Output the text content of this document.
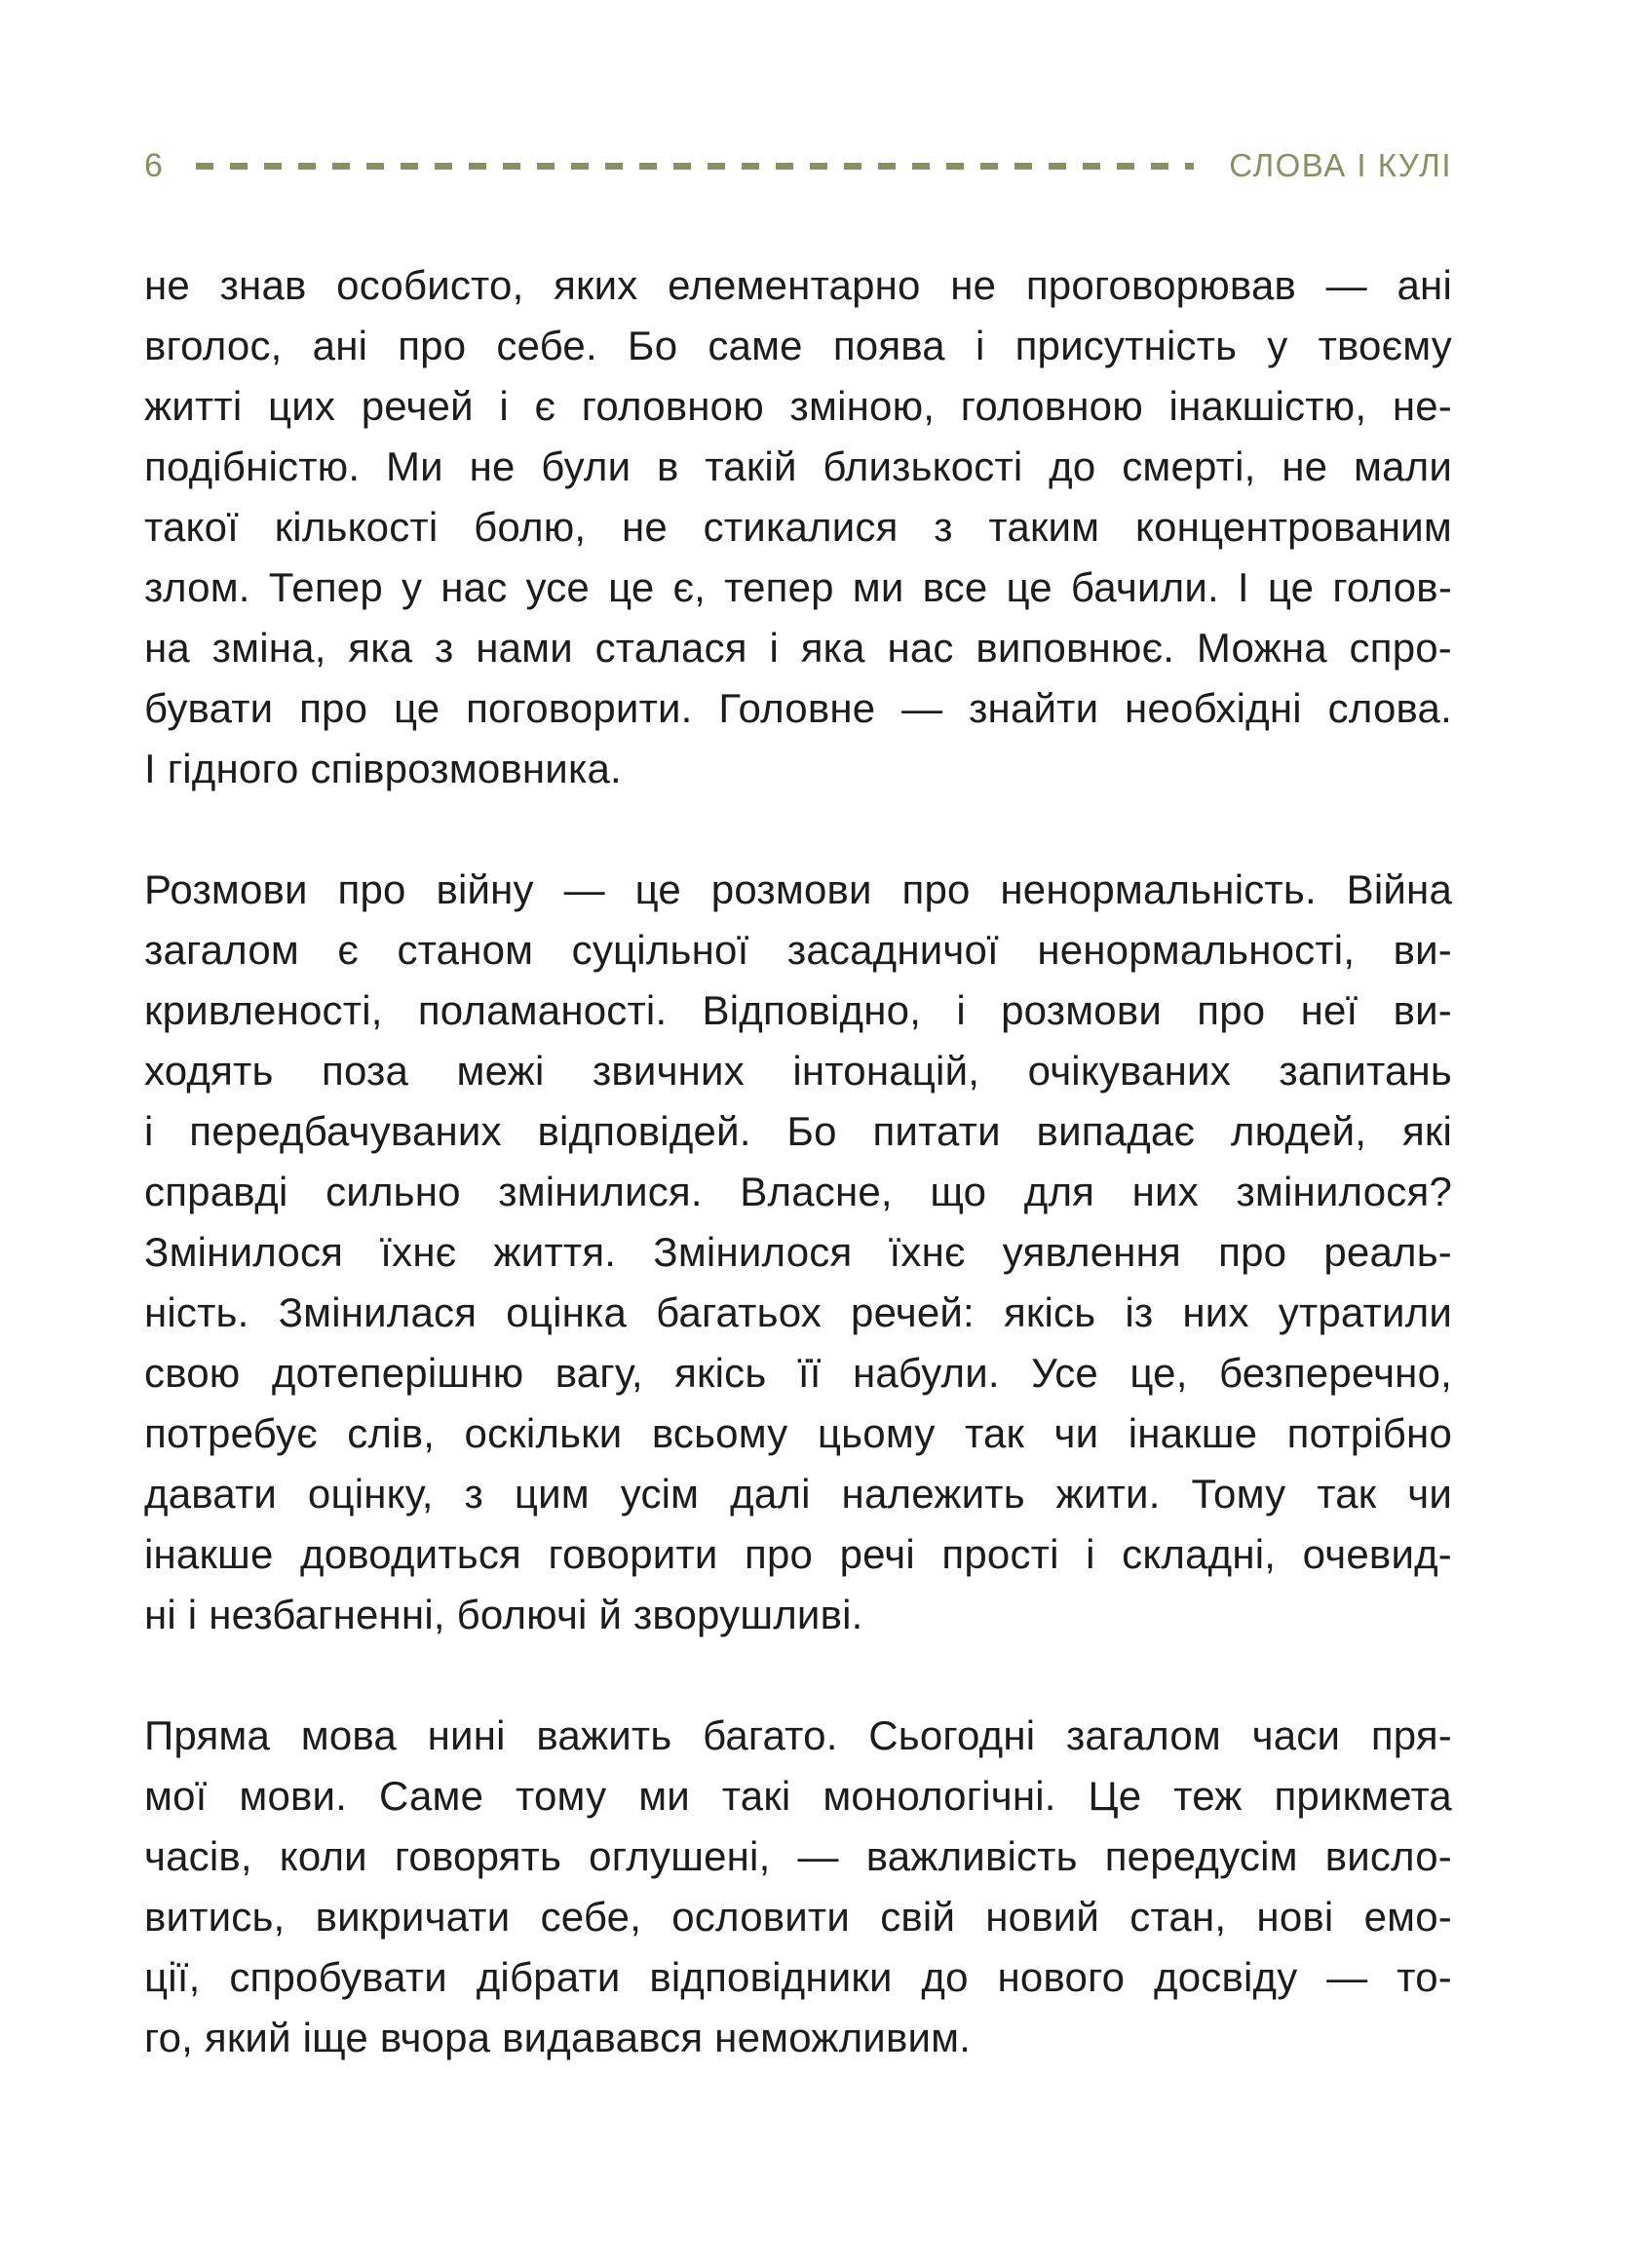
6	СЛОВА І КУЛІ
не знав особисто, яких елементарно не проговорював — ані
вголос, ані про себе. Бо саме поява і присутність у твоєму
житті цих речей і є головною зміною, головною інакшістю, не-
подібністю. Ми не були в такій близькості до смерті, не мали
такої кількості болю, не стикалися з таким концентрованим
злом. Тепер у нас усе це є, тепер ми все це бачили. І це голов-
на зміна, яка з нами сталася і яка нас виповнює. Можна спро-
бувати про це поговорити. Головне — знайти необхідні слова.
І гідного співрозмовника.
Розмови про війну — це розмови про ненормальність. Війна
загалом є станом суцільної засадничої ненормальності, ви-
кривленості, поламаності. Відповідно, і розмови про неї ви-
ходять поза межі звичних інтонацій, очікуваних запитань
і передбачуваних відповідей. Бо питати випадає людей, які
справді сильно змінилися. Власне, що для них змінилося?
Змінилося їхнє життя. Змінилося їхнє уявлення про реаль-
ність. Змінилася оцінка багатьох речей: якісь із них утратили
свою дотеперішню вагу, якісь її набули. Усе це, безперечно,
потребує слів, оскільки всьому цьому так чи інакше потрібно
давати оцінку, з цим усім далі належить жити. Тому так чи
інакше доводиться говорити про речі прості і складні, очевид-
ні і незбагненні, болючі й зворушливі.
Пряма мова нині важить багато. Сьогодні загалом часи пря-
мої мови. Саме тому ми такі монологічні. Це теж прикмета
часів, коли говорять оглушені, — важливість передусім висло-
витись, викричати себе, ословити свій новий стан, нові емо-
ції, спробувати дібрати відповідники до нового досвіду — то-
го, який іще вчора видавався неможливим.
